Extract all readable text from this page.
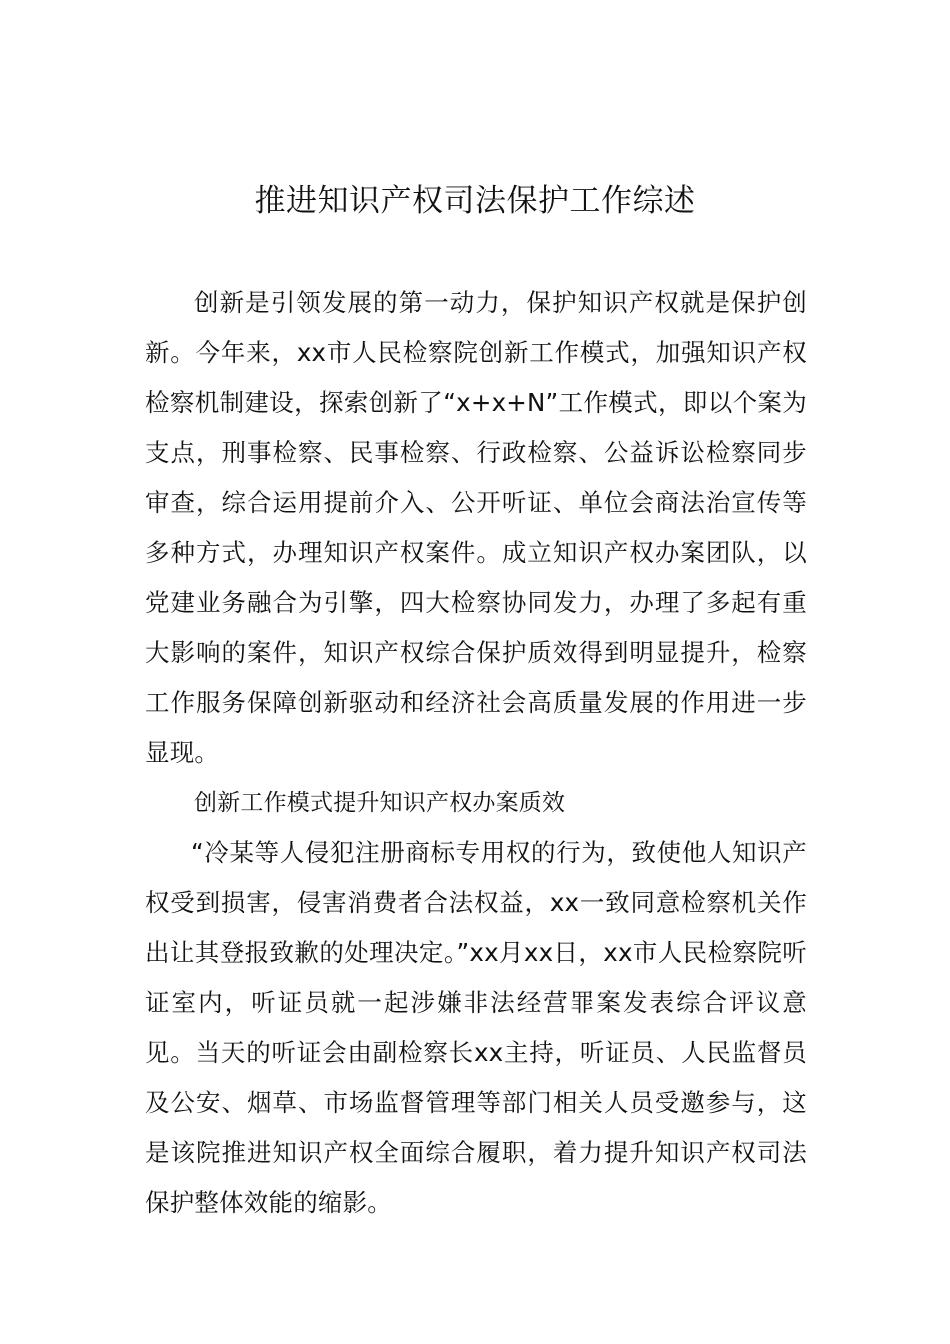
推进知识产权司法保护工作综述

创新是引领发展的第一动力，保护知识产权就是保护创新。今年来，xx市人民检察院创新工作模式，加强知识产权检察机制建设，探索创新了“x+x+N”工作模式，即以个案为支点，刑事检察、民事检察、行政检察、公益诉讼检察同步审查，综合运用提前介入、公开听证、单位会商法治宣传等多种方式，办理知识产权案件。成立知识产权办案团队，以党建业务融合为引擎，四大检察协同发力，办理了多起有重大影响的案件，知识产权综合保护质效得到明显提升，检察工作服务保障创新驱动和经济社会高质量发展的作用进一步显现。

创新工作模式提升知识产权办案质效

“冷某等人侵犯注册商标专用权的行为，致使他人知识产权受到损害，侵害消费者合法权益，xx一致同意检察机关作出让其登报致歉的处理决定。”xx月xx日，xx市人民检察院听证室内，听证员就一起涉嫌非法经营罪案发表综合评议意见。当天的听证会由副检察长xx主持，听证员、人民监督员及公安、烟草、市场监督管理等部门相关人员受邀参与，这是该院推进知识产权全面综合履职，着力提升知识产权司法保护整体效能的缩影。
